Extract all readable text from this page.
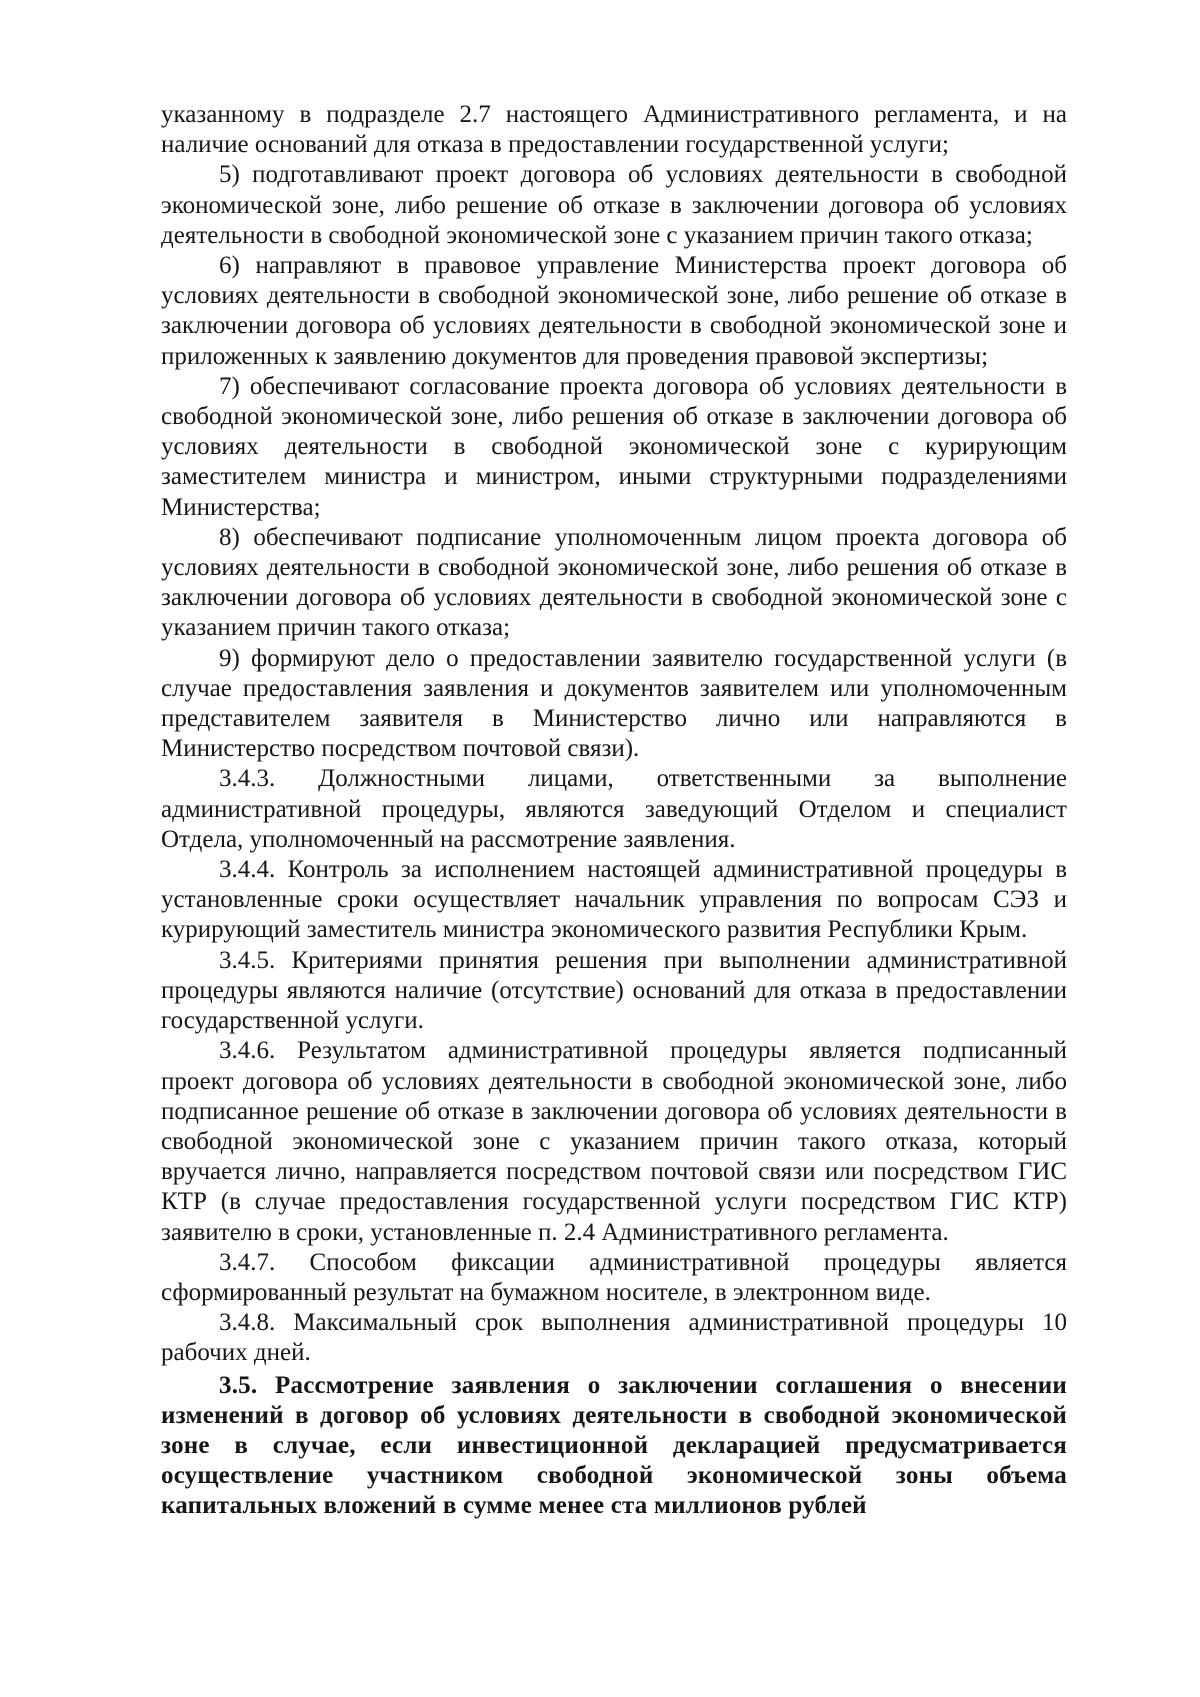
указанному в подразделе 2.7 настоящего Административного регламента, и на наличие оснований для отказа в предоставлении государственной услуги;

5) подготавливают проект договора об условиях деятельности в свободной экономической зоне, либо решение об отказе в заключении договора об условиях деятельности в свободной экономической зоне с указанием причин такого отказа;

6) направляют в правовое управление Министерства проект договора об условиях деятельности в свободной экономической зоне, либо решение об отказе в заключении договора об условиях деятельности в свободной экономической зоне и приложенных к заявлению документов для проведения правовой экспертизы;

7) обеспечивают согласование проекта договора об условиях деятельности в свободной экономической зоне, либо решения об отказе в заключении договора об условиях деятельности в свободной экономической зоне с курирующим заместителем министра и министром, иными структурными подразделениями Министерства;

8) обеспечивают подписание уполномоченным лицом проекта договора об условиях деятельности в свободной экономической зоне, либо решения об отказе в заключении договора об условиях деятельности в свободной экономической зоне с указанием причин такого отказа;

9) формируют дело о предоставлении заявителю государственной услуги (в случае предоставления заявления и документов заявителем или уполномоченным представителем заявителя в Министерство лично или направляются в Министерство посредством почтовой связи).

3.4.3. Должностными лицами, ответственными за выполнение административной процедуры, являются заведующий Отделом и специалист Отдела, уполномоченный на рассмотрение заявления.

3.4.4. Контроль за исполнением настоящей административной процедуры в установленные сроки осуществляет начальник управления по вопросам СЭЗ и курирующий заместитель министра экономического развития Республики Крым.

3.4.5. Критериями принятия решения при выполнении административной процедуры являются наличие (отсутствие) оснований для отказа в предоставлении государственной услуги.

3.4.6. Результатом административной процедуры является подписанный проект договора об условиях деятельности в свободной экономической зоне, либо подписанное решение об отказе в заключении договора об условиях деятельности в свободной экономической зоне с указанием причин такого отказа, который вручается лично, направляется посредством почтовой связи или посредством ГИС КТР (в случае предоставления государственной услуги посредством ГИС КТР) заявителю в сроки, установленные п. 2.4 Административного регламента.

3.4.7. Способом фиксации административной процедуры является сформированный результат на бумажном носителе, в электронном виде.

3.4.8. Максимальный срок выполнения административной процедуры 10 рабочих дней.

3.5. Рассмотрение заявления о заключении соглашения о внесении изменений в договор об условиях деятельности в свободной экономической зоне в случае, если инвестиционной декларацией предусматривается осуществление участником свободной экономической зоны объема капитальных вложений в сумме менее ста миллионов рублей
